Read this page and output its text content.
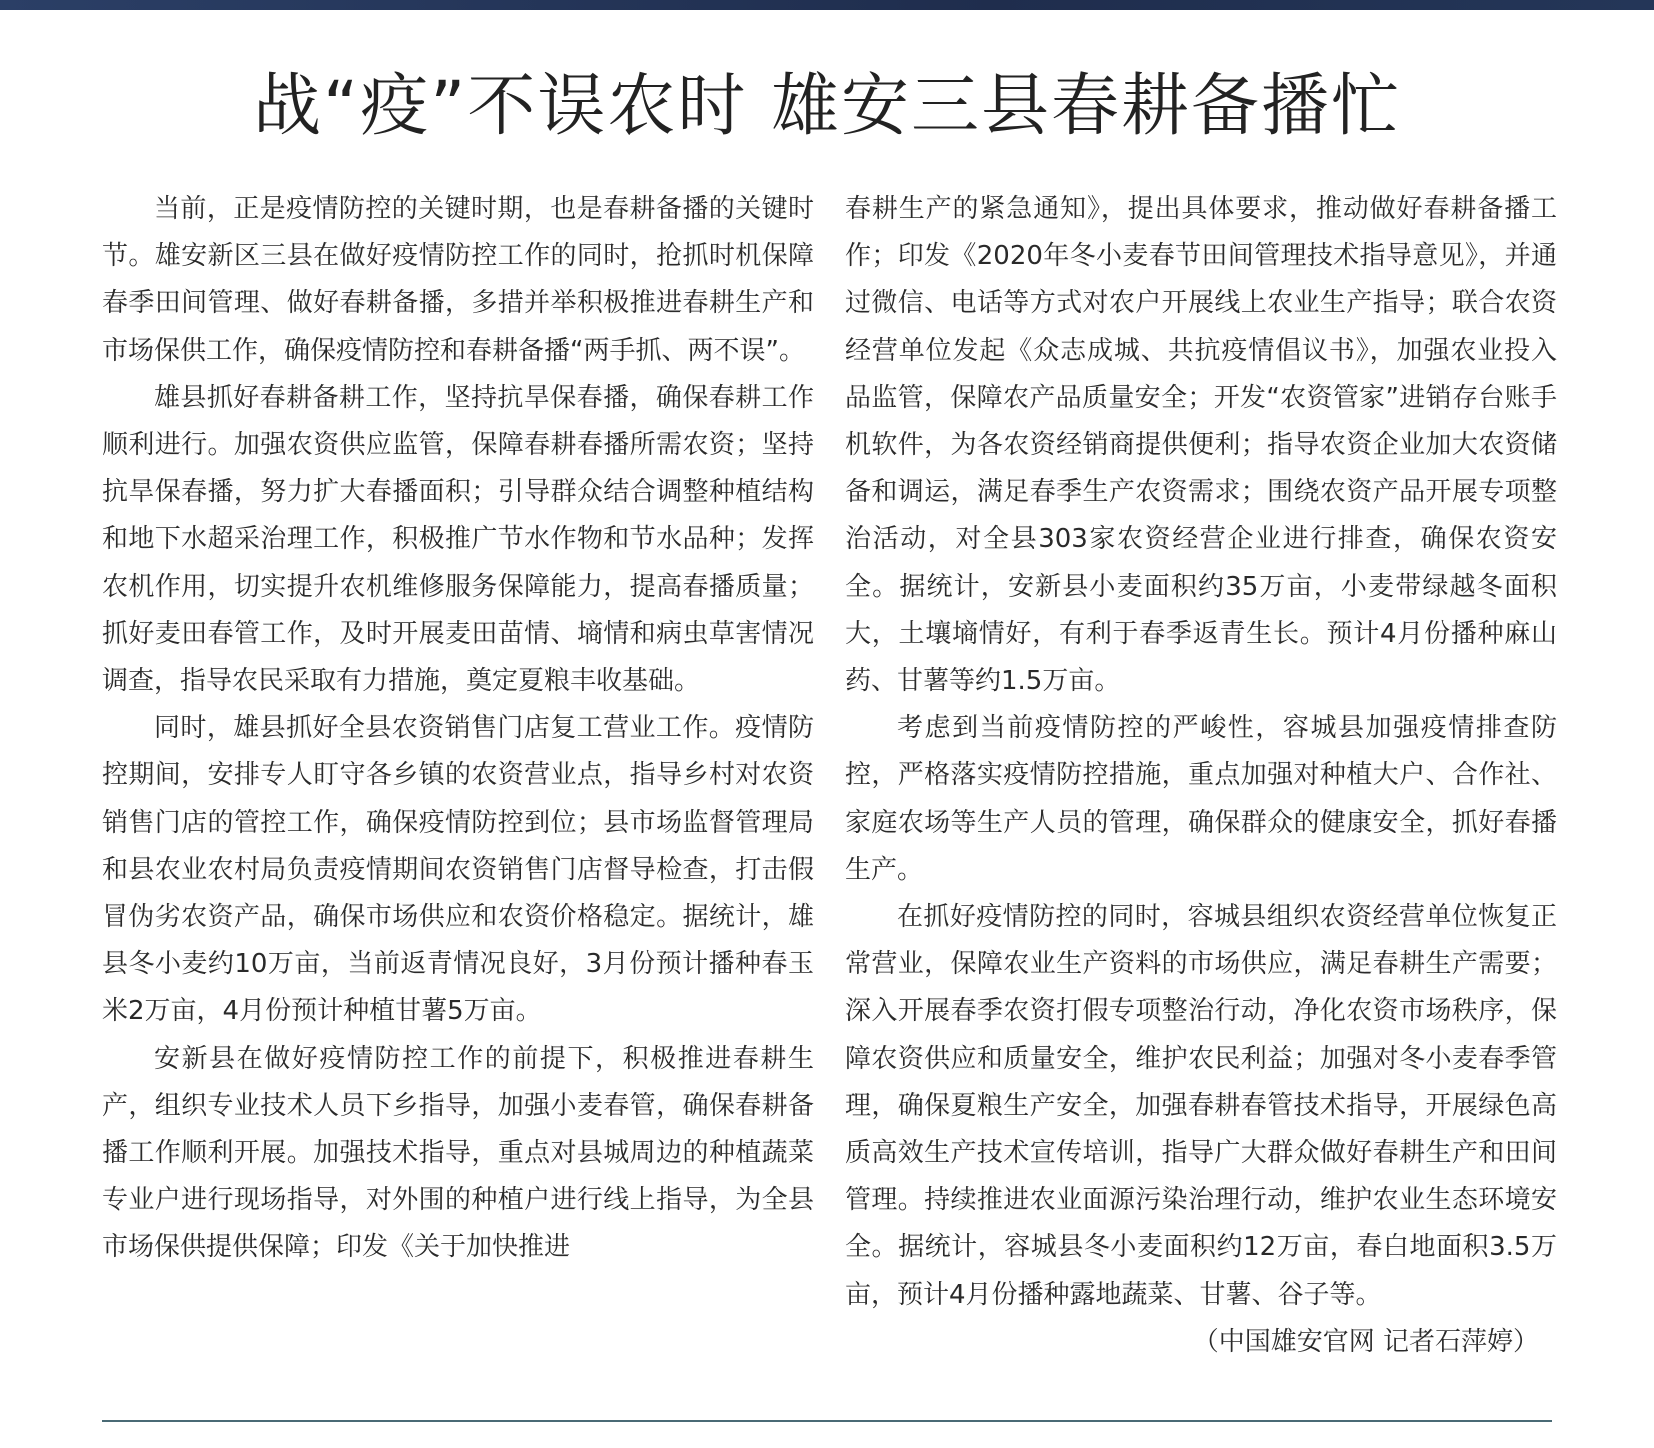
战“疫”不误农时 雄安三县春耕备播忙

当前，正是疫情防控的关键时期，也是春耕备播的关键时节。雄安新区三县在做好疫情防控工作的同时，抢抓时机保障春季田间管理、做好春耕备播，多措并举积极推进春耕生产和市场保供工作，确保疫情防控和春耕备播“两手抓、两不误”。

雄县抓好春耕备耕工作，坚持抗旱保春播，确保春耕工作顺利进行。加强农资供应监管，保障春耕春播所需农资；坚持抗旱保春播，努力扩大春播面积；引导群众结合调整种植结构和地下水超采治理工作，积极推广节水作物和节水品种；发挥农机作用，切实提升农机维修服务保障能力，提高春播质量；抓好麦田春管工作，及时开展麦田苗情、墒情和病虫草害情况调查，指导农民采取有力措施，奠定夏粮丰收基础。

同时，雄县抓好全县农资销售门店复工营业工作。疫情防控期间，安排专人盯守各乡镇的农资营业点，指导乡村对农资销售门店的管控工作，确保疫情防控到位；县市场监督管理局和县农业农村局负责疫情期间农资销售门店督导检查，打击假冒伪劣农资产品，确保市场供应和农资价格稳定。据统计，雄县冬小麦约10万亩，当前返青情况良好，3月份预计播种春玉米2万亩，4月份预计种植甘薯5万亩。

安新县在做好疫情防控工作的前提下，积极推进春耕生产，组织专业技术人员下乡指导，加强小麦春管，确保春耕备播工作顺利开展。加强技术指导，重点对县城周边的种植蔬菜专业户进行现场指导，对外围的种植户进行线上指导，为全县市场保供提供保障；印发《关于加快推进

春耕生产的紧急通知》，提出具体要求，推动做好春耕备播工作；印发《2020年冬小麦春节田间管理技术指导意见》，并通过微信、电话等方式对农户开展线上农业生产指导；联合农资经营单位发起《众志成城、共抗疫情倡议书》，加强农业投入品监管，保障农产品质量安全；开发“农资管家”进销存台账手机软件，为各农资经销商提供便利；指导农资企业加大农资储备和调运，满足春季生产农资需求；围绕农资产品开展专项整治活动，对全县303家农资经营企业进行排查，确保农资安全。据统计，安新县小麦面积约35万亩，小麦带绿越冬面积大，土壤墒情好，有利于春季返青生长。预计4月份播种麻山药、甘薯等约1.5万亩。

考虑到当前疫情防控的严峻性，容城县加强疫情排查防控，严格落实疫情防控措施，重点加强对种植大户、合作社、家庭农场等生产人员的管理，确保群众的健康安全，抓好春播生产。

在抓好疫情防控的同时，容城县组织农资经营单位恢复正常营业，保障农业生产资料的市场供应，满足春耕生产需要；深入开展春季农资打假专项整治行动，净化农资市场秩序，保障农资供应和质量安全，维护农民利益；加强对冬小麦春季管理，确保夏粮生产安全，加强春耕春管技术指导，开展绿色高质高效生产技术宣传培训，指导广大群众做好春耕生产和田间管理。持续推进农业面源污染治理行动，维护农业生态环境安全。据统计，容城县冬小麦面积约12万亩，春白地面积3.5万亩，预计4月份播种露地蔬菜、甘薯、谷子等。

（中国雄安官网 记者石萍婷）
